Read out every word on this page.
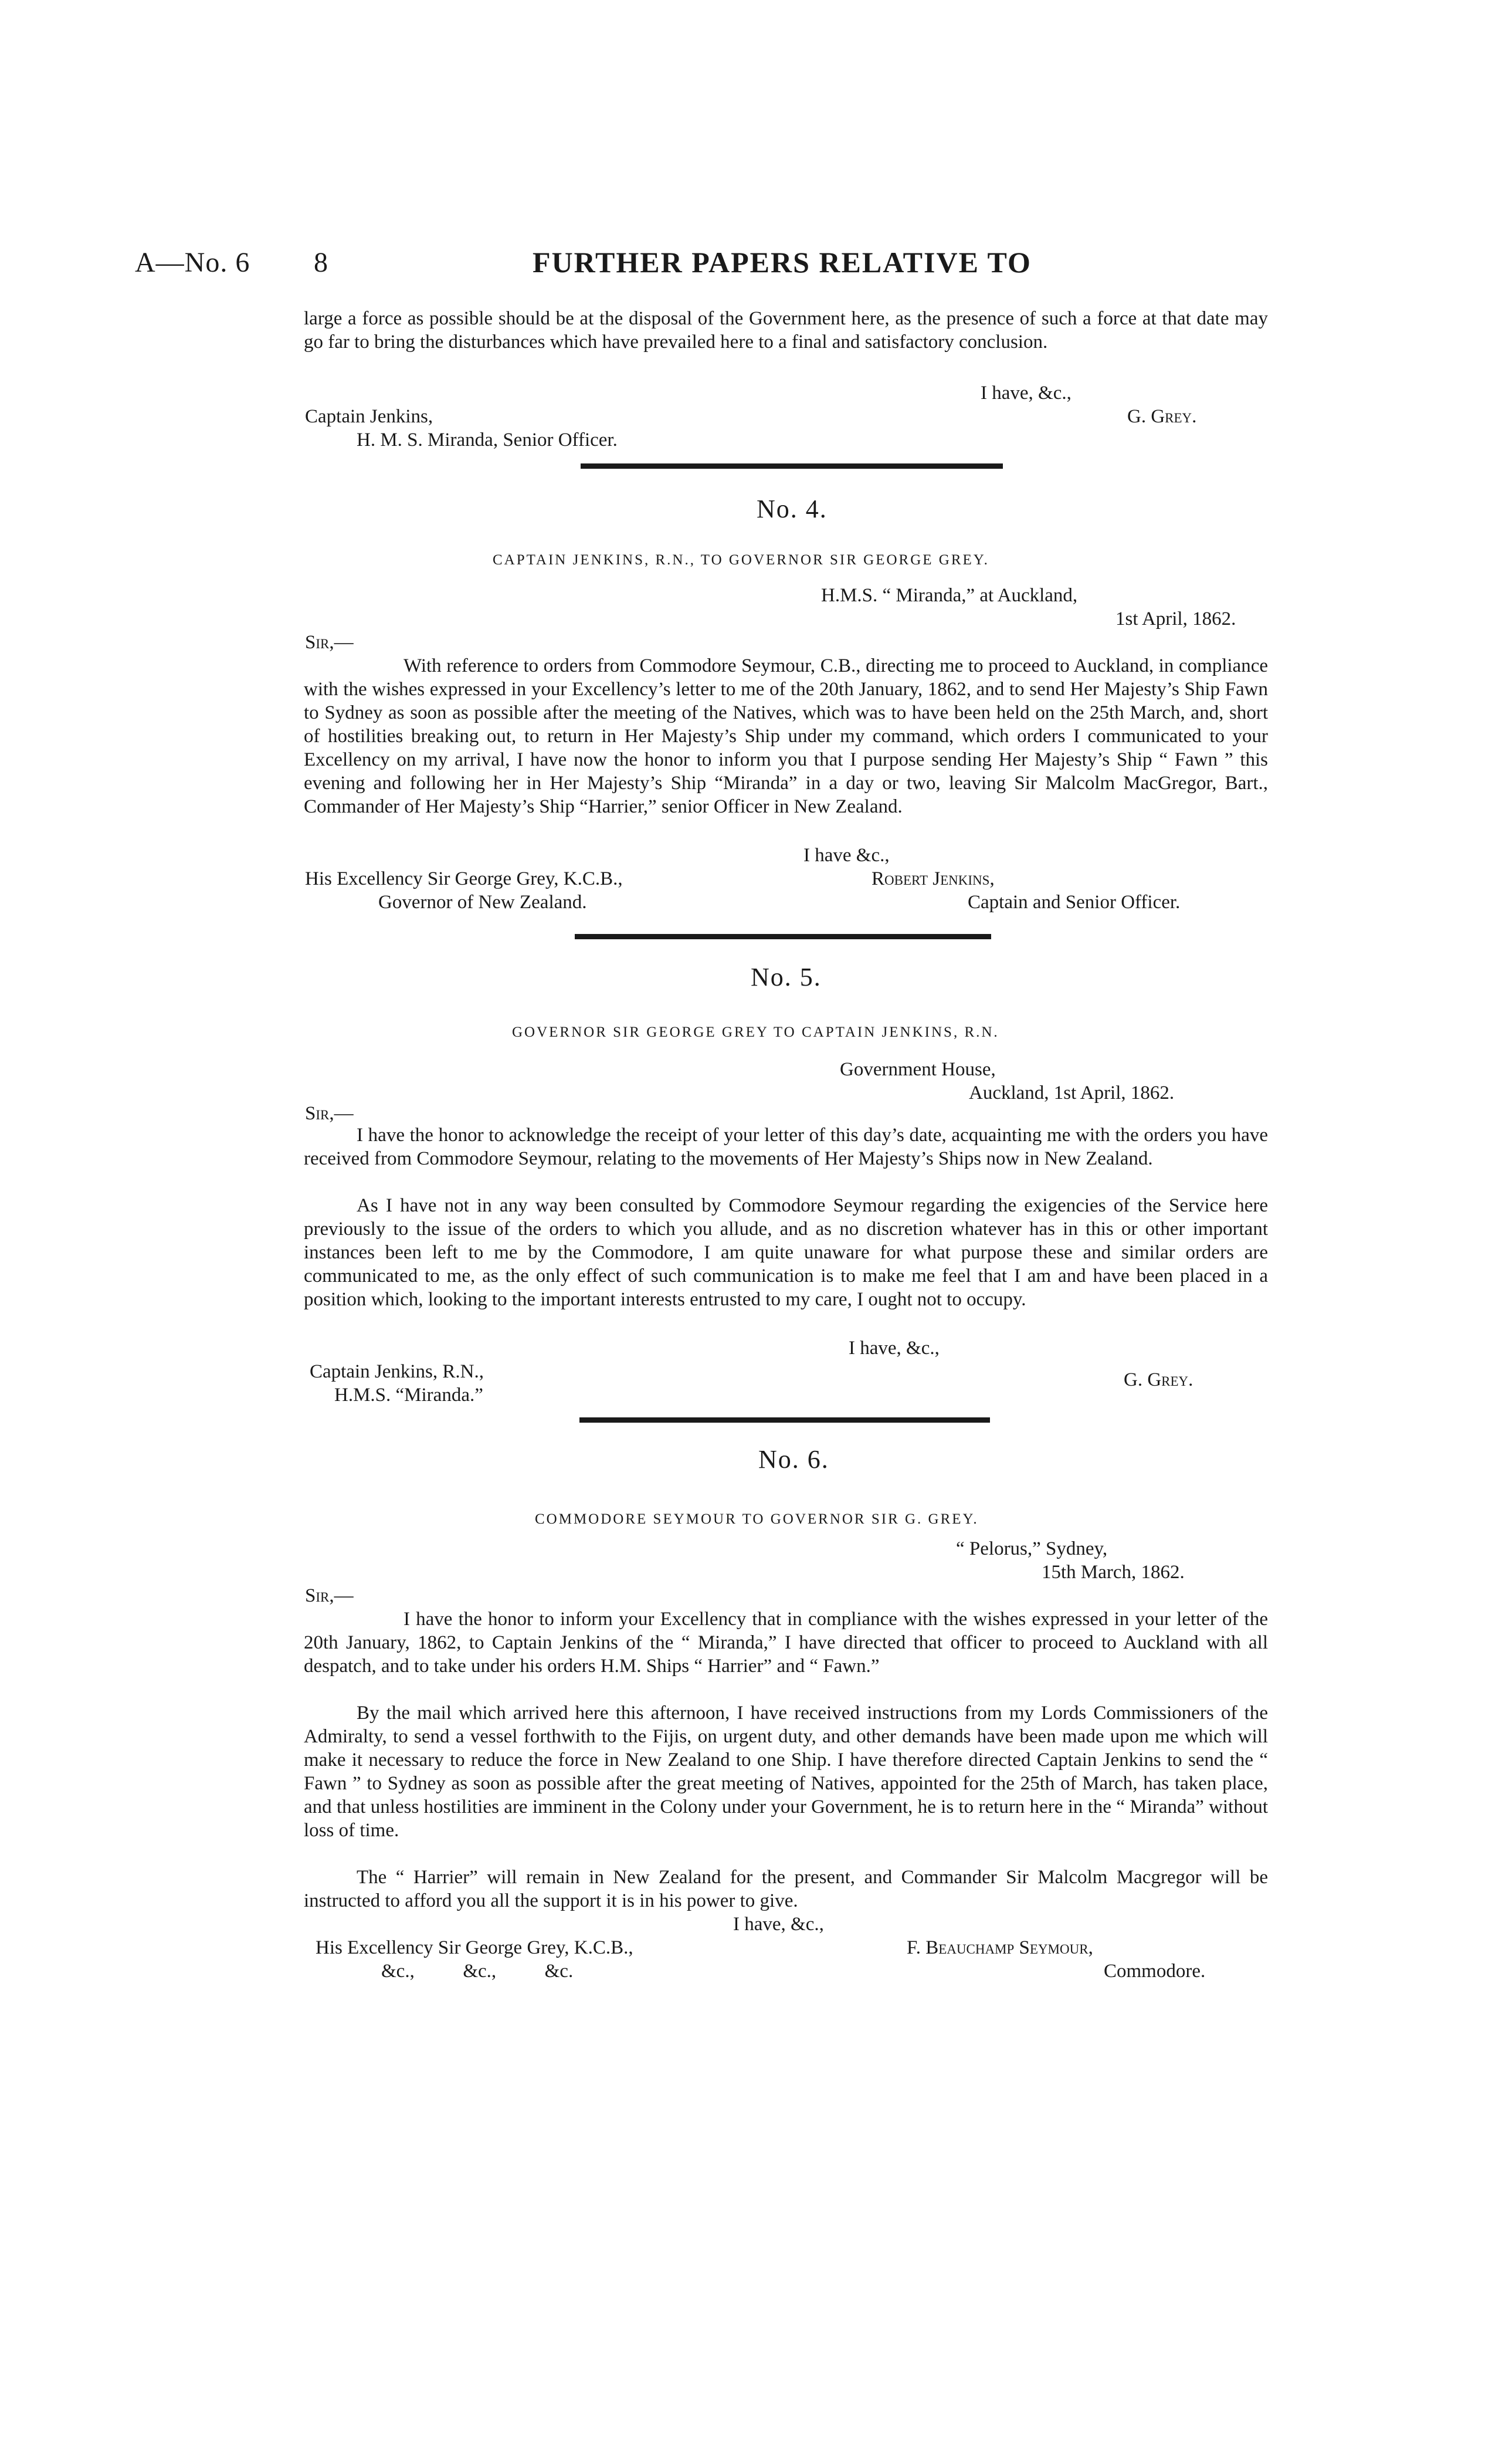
A—No. 6 8	FURTHER PAPERS RELATIVE TO

large a force as possible should be at the disposal of the Government here, as the presence of such a force at that date may go far to bring the disturbances which have prevailed here to a final and satisfactory conclusion.

I have, &c.,
Captain Jenkins,	G. Grey.
H. M. S. Miranda, Senior Officer.
No. 4.
CAPTAIN JENKINS, R.N., TO GOVERNOR SIR GEORGE GREY.
H.M.S. “ Miranda,” at Auckland,
1st April, 1862.
Sir,—

With reference to orders from Commodore Seymour, C.B., directing me to proceed to Auckland, in compliance with the wishes expressed in your Excellency’s letter to me of the 20th January, 1862, and to send Her Majesty’s Ship Fawn to Sydney as soon as possible after the meeting of the Natives, which was to have been held on the 25th March, and, short of hostilities breaking out, to return in Her Majesty’s Ship under my command, which orders I communicated to your Excellency on my arrival, I have now the honor to inform you that I purpose sending Her Majesty’s Ship “ Fawn ” this evening and following her in Her Majesty’s Ship “Miranda” in a day or two, leaving Sir Malcolm MacGregor, Bart., Commander of Her Majesty’s Ship “Harrier,” senior Officer in New Zealand.

I have &c.,
His Excellency Sir George Grey, K.C.B.,	Robert Jenkins,
Governor of New Zealand.	Captain and Senior Officer.
No. 5.
GOVERNOR SIR GEORGE GREY TO CAPTAIN JENKINS, R.N.
Government House,
Auckland, 1st April, 1862.
Sir,—

I have the honor to acknowledge the receipt of your letter of this day’s date, acquainting me with the orders you have received from Commodore Seymour, relating to the movements of Her Majesty’s Ships now in New Zealand.

As I have not in any way been consulted by Commodore Seymour regarding the exigencies of the Service here previously to the issue of the orders to which you allude, and as no discretion whatever has in this or other important instances been left to me by the Commodore, I am quite unaware for what purpose these and similar orders are communicated to me, as the only effect of such communication is to make me feel that I am and have been placed in a position which, looking to the important interests entrusted to my care, I ought not to occupy.

I have, &c.,
Captain Jenkins, R.N.,	G. Grey.
H.M.S. “Miranda.”
No. 6.
COMMODORE SEYMOUR TO GOVERNOR SIR G. GREY.
“ Pelorus,” Sydney,
15th March, 1862.
Sir,—

I have the honor to inform your Excellency that in compliance with the wishes expressed in your letter of the 20th January, 1862, to Captain Jenkins of the “ Miranda,” I have directed that officer to proceed to Auckland with all despatch, and to take under his orders H.M. Ships “ Harrier” and “ Fawn.”

By the mail which arrived here this afternoon, I have received instructions from my Lords Commissioners of the Admiralty, to send a vessel forthwith to the Fijis, on urgent duty, and other demands have been made upon me which will make it necessary to reduce the force in New Zealand to one Ship. I have therefore directed Captain Jenkins to send the “ Fawn ” to Sydney as soon as possible after the great meeting of Natives, appointed for the 25th of March, has taken place, and that unless hostilities are imminent in the Colony under your Government, he is to return here in the “ Miranda” without loss of time.

The “ Harrier” will remain in New Zealand for the present, and Commander Sir Malcolm Macgregor will be instructed to afford you all the support it is in his power to give.

I have, &c.,
His Excellency Sir George Grey, K.C.B.,	F. Beauchamp Seymour,
&c.,          &c.,          &c.	Commodore.
